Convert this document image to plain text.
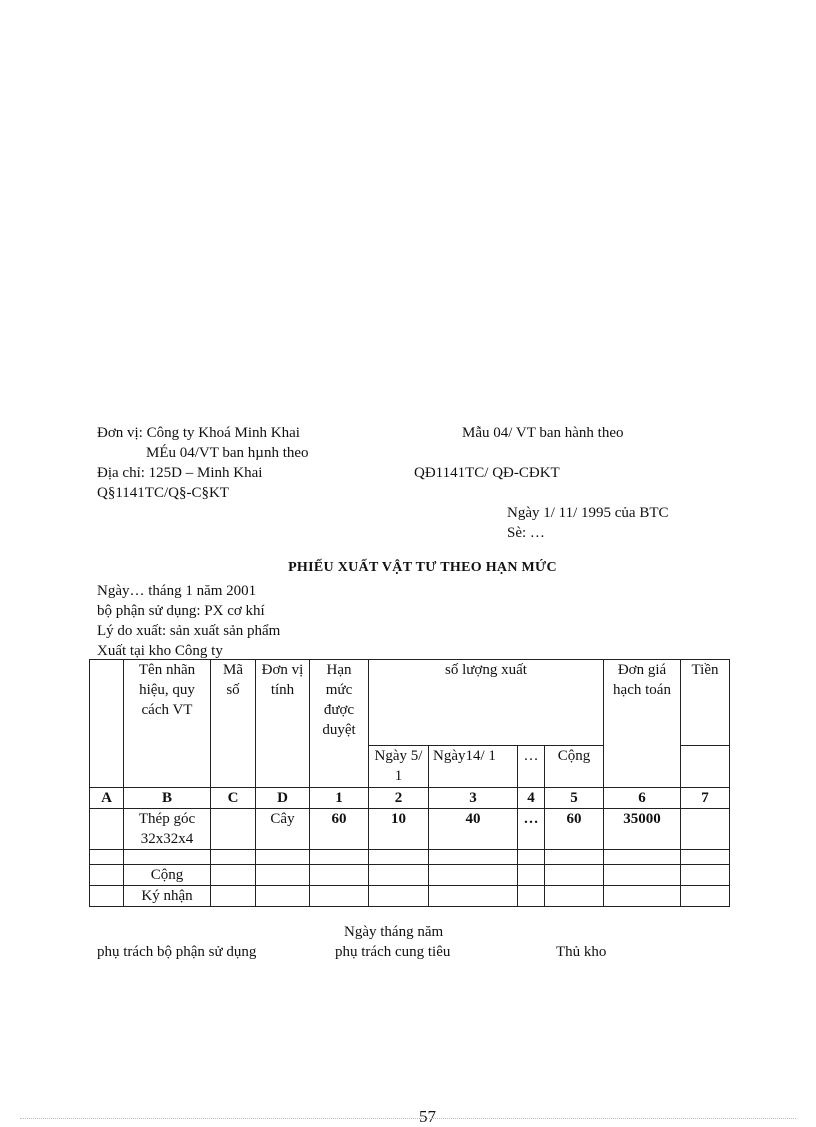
Đơn vị: Công ty Khoá Minh Khai	Mẫu 04/ VT ban hành theo
MÉu 04/VT ban hµnh theo
Địa chỉ: 125D – Minh Khai	QĐ1141TC/ QĐ-CĐKT
Q§1141TC/Q§-C§KT
Ngày 1/ 11/ 1995 của BTC
Sè: …
PHIẾU XUẤT VẬT TƯ THEO HẠN MỨC
Ngày… tháng 1 năm 2001
bộ phận sử dụng: PX cơ khí
Lý do xuất: sản xuất sản phẩm
Xuất tại kho Công ty
	Tên nhãn hiệu, quy cách VT	Mã số	Đơn vị tính	Hạn mức được duyệt	số lượng xuất				Đơn giá hạch toán	Tiền
					Ngày 5/ 1	Ngày14/ 1	…	Cộng		
A	B	C	D	1	2	3	4	5	6	7
	Thép góc 32x32x4		Cây	60	10	40	…	60	35000	

	Cộng									
	Ký nhận									
Ngày tháng năm
phụ trách bộ phận sử dụng	phụ trách cung tiêu	Thủ kho
57
